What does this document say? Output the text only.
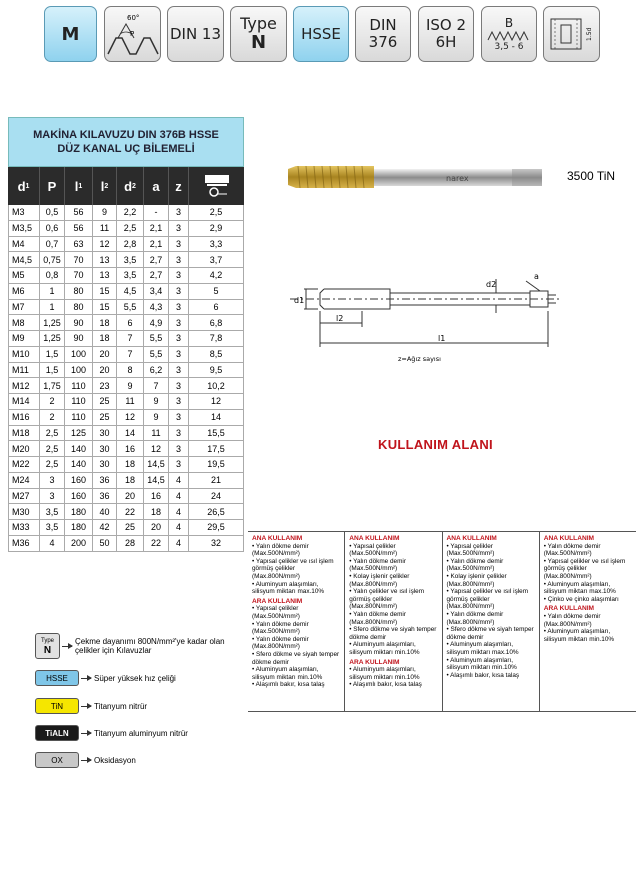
M
60°
P DIN 13
Type
N HSSE DIN
376
ISO 2
6H
B
3,5 - 6
1.5d
MAKİNA KILAVUZU DIN 376B HSSE
DÜZ KANAL UÇ BİLEMELİ
d 1 P l 1 l 2 d 2 a z
M3	0,5	56	9	2,2	-	3	2,5
M3,5	0,6	56	11	2,5	2,1	3	2,9
M4	0,7	63	12	2,8	2,1	3	3,3
M4,5	0,75	70	13	3,5	2,7	3	3,7
M5	0,8	70	13	3,5	2,7	3	4,2
M6	1	80	15	4,5	3,4	3	5
M7	1	80	15	5,5	4,3	3	6
M8	1,25	90	18	6	4,9	3	6,8
M9	1,25	90	18	7	5,5	3	7,8
M10	1,5	100	20	7	5,5	3	8,5
M11	1,5	100	20	8	6,2	3	9,5
M12	1,75	110	23	9	7	3	10,2
M14	2	110	25	11	9	3	12
M16	2	110	25	12	9	3	14
M18	2,5	125	30	14	11	3	15,5
M20	2,5	140	30	16	12	3	17,5
M22	2,5	140	30	18	14,5	3	19,5
M24	3	160	36	18	14,5	4	21
M27	3	160	36	20	16	4	24
M30	3,5	180	40	22	18	4	26,5
M33	3,5	180	42	25	20	4	29,5
M36	4	200	50	28	22	4	32
narex	3500 TiN
d1
d2
a
l2
l1
z=Ağız sayısı
KULLANIM ALANI
ANA KULLANIM
• Yalın dökme demir (Max.500N/mm²)
• Yapısal çelikler ve ısıl işlem görmüş çelikler (Max.800N/mm²)
• Aluminyum alaşımları, silisyum miktarı max.10%
ARA KULLANIM
• Yapısal çelikler (Max.500N/mm²)
• Yalın dökme demir (Max.500N/mm²)
• Yalın dökme demir (Max.800N/mm²)
• Sfero dökme ve siyah temper dökme demir
• Aluminyum alaşımları, silisyum miktarı min.10%
• Alaşımlı bakır, kısa talaş
ANA KULLANIM
• Yapısal çelikler (Max.500N/mm²)
• Yalın dökme demir (Max.500N/mm²)
• Kolay işlenir çelikler (Max.800N/mm²)
• Yalın çelikler ve ısıl işlem görmüş çelikler (Max.800N/mm²)
• Yalın dökme demir (Max.800N/mm²)
• Sfero dökme ve siyah temper dökme demir
• Aluminyum alaşımları, silisyum miktarı min.10%
ARA KULLANIM
• Aluminyum alaşımları, silisyum miktarı min.10%
• Alaşımlı bakır, kısa talaş
ANA KULLANIM
• Yapısal çelikler (Max.500N/mm²)
• Yalın dökme demir (Max.500N/mm²)
• Kolay işlenir çelikler (Max.800N/mm²)
• Yapısal çelikler ve ısıl işlem görmüş çelikler (Max.800N/mm²)
• Yalın dökme demir (Max.800N/mm²)
• Sfero dökme ve siyah temper dökme demir
• Aluminyum alaşımları, silisyum miktarı max.10%
• Aluminyum alaşımları, silisyum miktarı min.10%
• Alaşımlı bakır, kısa talaş
ANA KULLANIM
• Yalın dökme demir (Max.500N/mm²)
• Yapısal çelikler ve ısıl işlem görmüş çelikler (Max.800N/mm²)
• Aluminyum alaşımları, silisyum miktarı max.10%
• Çinko ve çinko alaşımları
ARA KULLANIM
• Yalın dökme demir (Max.800N/mm²)
• Aluminyum alaşımları, silisyum miktarı min.10%
Type
N
Çekme dayanımı 800N/mm²'ye kadar olan çelikler için Kılavuzlar
HSSE	Süper yüksek hız çeliği
TiN	Titanyum nitrür
TiALN	Titanyum aluminyum nitrür
OX	Oksidasyon
